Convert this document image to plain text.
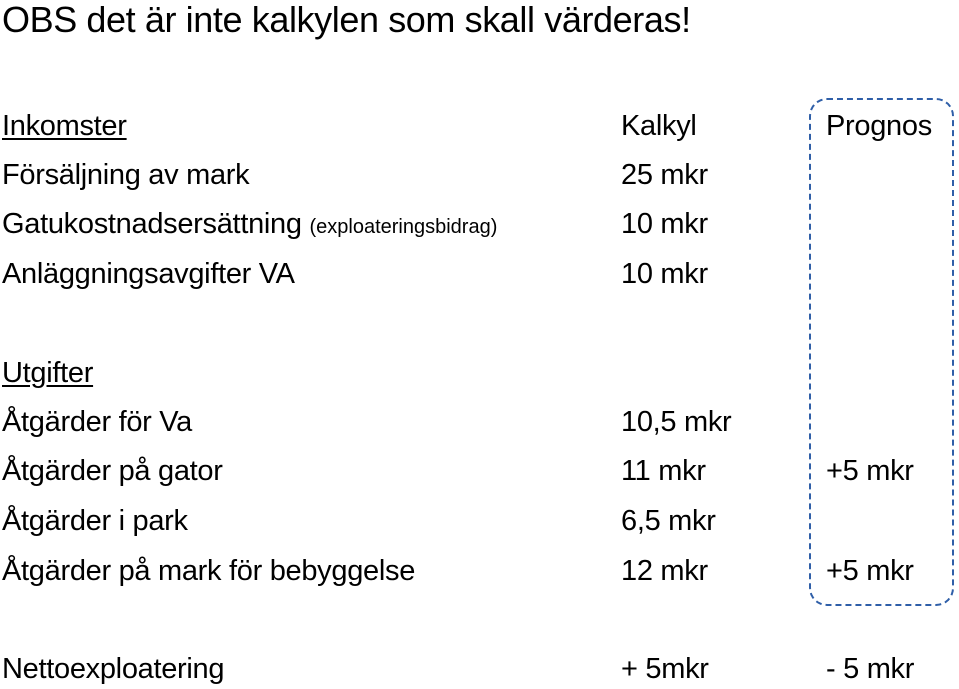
OBS det är inte kalkylen som skall värderas!
Inkomster	Kalkyl	Prognos
Försäljning av mark	25 mkr
Gatukostnadsersättning (exploateringsbidrag)	10 mkr
Anläggningsavgifter VA	10 mkr
Utgifter
Åtgärder för Va	10,5 mkr
Åtgärder på gator	11 mkr	+5 mkr
Åtgärder i park	6,5 mkr
Åtgärder på mark för bebyggelse	12 mkr	+5 mkr
Nettoexploatering	+ 5mkr	- 5 mkr
